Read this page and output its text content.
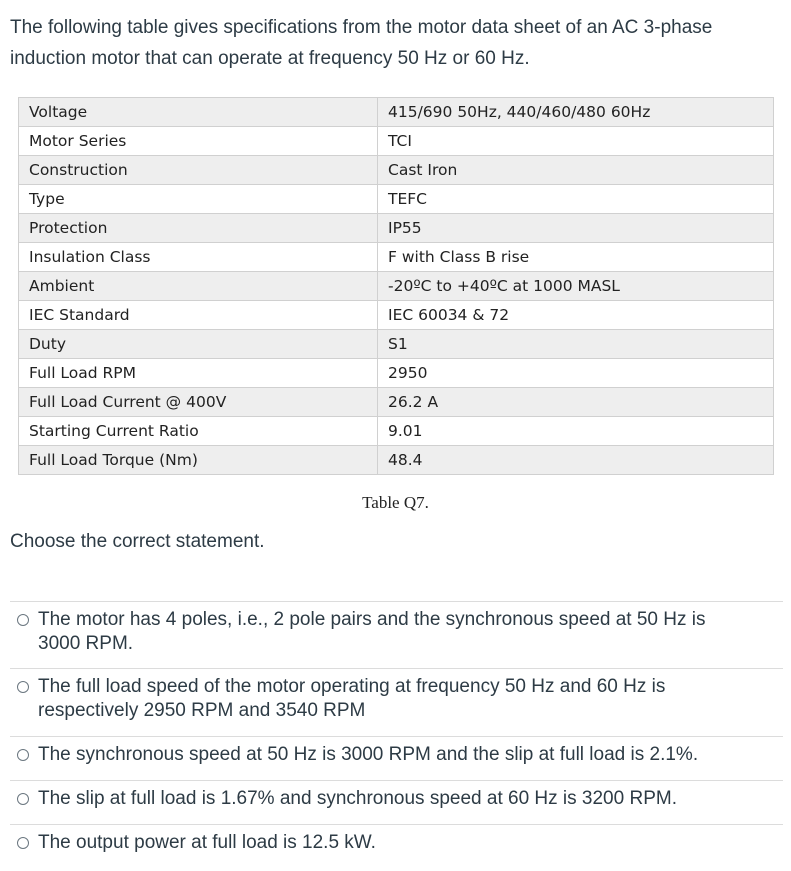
The following table gives specifications from the motor data sheet of an AC 3-phase
induction motor that can operate at frequency 50 Hz or 60 Hz.

Voltage	415/690 50Hz, 440/460/480 60Hz
Motor Series	TCI
Construction	Cast Iron
Type	TEFC
Protection	IP55
Insulation Class	F with Class B rise
Ambient	-20ºC to +40ºC at 1000 MASL
IEC Standard	IEC 60034 & 72
Duty	S1
Full Load RPM	2950
Full Load Current @ 400V	26.2 A
Starting Current Ratio	9.01
Full Load Torque (Nm)	48.4
Table Q7.

Choose the correct statement.

The motor has 4 poles, i.e., 2 pole pairs and the synchronous speed at 50 Hz is
3000 RPM.
The full load speed of the motor operating at frequency 50 Hz and 60 Hz is
respectively 2950 RPM and 3540 RPM
The synchronous speed at 50 Hz is 3000 RPM and the slip at full load is 2.1%.
The slip at full load is 1.67% and synchronous speed at 60 Hz is 3200 RPM.
The output power at full load is 12.5 kW.
